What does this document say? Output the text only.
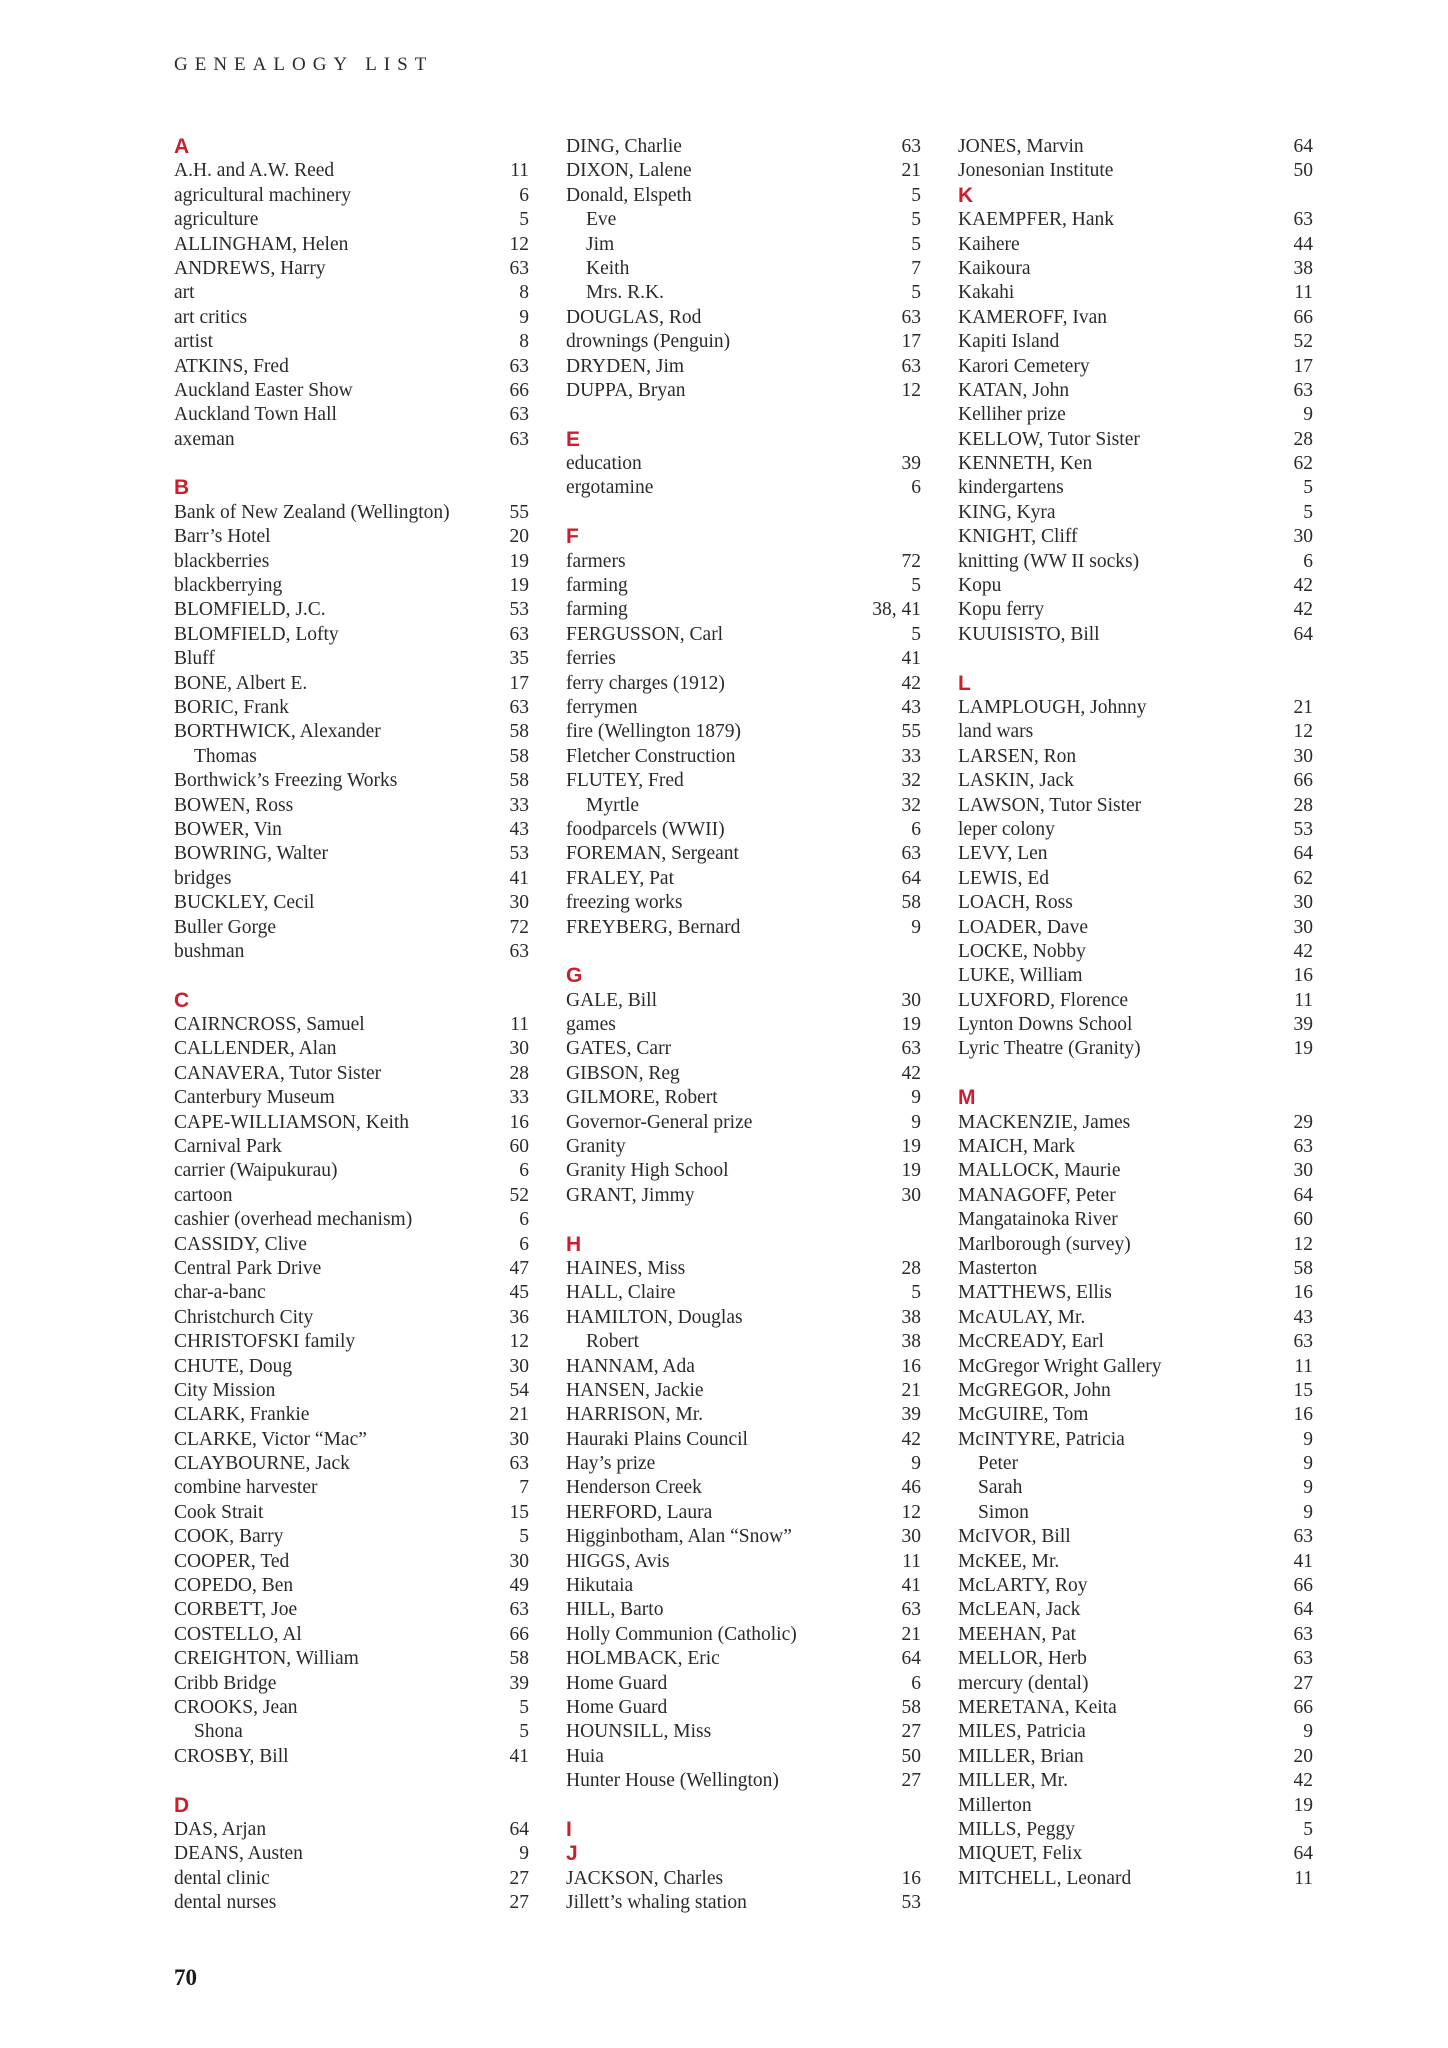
GENEALOGY LIST
A
A.H. and A.W. Reed	11
agricultural machinery	6
agriculture	5
ALLINGHAM, Helen	12
ANDREWS, Harry	63
art	8
art critics	9
artist	8
ATKINS, Fred	63
Auckland Easter Show	66
Auckland Town Hall	63
axeman	63
B
Bank of New Zealand (Wellington)	55
Barr’s Hotel	20
blackberries	19
blackberrying	19
BLOMFIELD, J.C.	53
BLOMFIELD, Lofty	63
Bluff	35
BONE, Albert E.	17
BORIC, Frank	63
BORTHWICK, Alexander	58
Thomas	58
Borthwick’s Freezing Works	58
BOWEN, Ross	33
BOWER, Vin	43
BOWRING, Walter	53
bridges	41
BUCKLEY, Cecil	30
Buller Gorge	72
bushman	63
C
CAIRNCROSS, Samuel	11
CALLENDER, Alan	30
CANAVERA, Tutor Sister	28
Canterbury Museum	33
CAPE-WILLIAMSON, Keith	16
Carnival Park	60
carrier (Waipukurau)	6
cartoon	52
cashier (overhead mechanism)	6
CASSIDY, Clive	6
Central Park Drive	47
char-a-banc	45
Christchurch City	36
CHRISTOFSKI family	12
CHUTE, Doug	30
City Mission	54
CLARK, Frankie	21
CLARKE, Victor “Mac”	30
CLAYBOURNE, Jack	63
combine harvester	7
Cook Strait	15
COOK, Barry	5
COOPER, Ted	30
COPEDO, Ben	49
CORBETT, Joe	63
COSTELLO, Al	66
CREIGHTON, William	58
Cribb Bridge	39
CROOKS, Jean	5
Shona	5
CROSBY, Bill	41
D
DAS, Arjan	64
DEANS, Austen	9
dental clinic	27
dental nurses	27
DING, Charlie	63
DIXON, Lalene	21
Donald, Elspeth	5
Eve	5
Jim	5
Keith	7
Mrs. R.K.	5
DOUGLAS, Rod	63
drownings (Penguin)	17
DRYDEN, Jim	63
DUPPA, Bryan	12
E
education	39
ergotamine	6
F
farmers	72
farming	5
farming	38, 41
FERGUSSON, Carl	5
ferries	41
ferry charges (1912)	42
ferrymen	43
fire (Wellington 1879)	55
Fletcher Construction	33
FLUTEY, Fred	32
Myrtle	32
foodparcels (WWII)	6
FOREMAN, Sergeant	63
FRALEY, Pat	64
freezing works	58
FREYBERG, Bernard	9
G
GALE, Bill	30
games	19
GATES, Carr	63
GIBSON, Reg	42
GILMORE, Robert	9
Governor-General prize	9
Granity	19
Granity High School	19
GRANT, Jimmy	30
H
HAINES, Miss	28
HALL, Claire	5
HAMILTON, Douglas	38
Robert	38
HANNAM, Ada	16
HANSEN, Jackie	21
HARRISON, Mr.	39
Hauraki Plains Council	42
Hay’s prize	9
Henderson Creek	46
HERFORD, Laura	12
Higginbotham, Alan “Snow”	30
HIGGS, Avis	11
Hikutaia	41
HILL, Barto	63
Holly Communion (Catholic)	21
HOLMBACK, Eric	64
Home Guard	6
Home Guard	58
HOUNSILL, Miss	27
Huia	50
Hunter House (Wellington)	27
I
J
JACKSON, Charles	16
Jillett’s whaling station	53
JONES, Marvin	64
Jonesonian Institute	50
K
KAEMPFER, Hank	63
Kaihere	44
Kaikoura	38
Kakahi	11
KAMEROFF, Ivan	66
Kapiti Island	52
Karori Cemetery	17
KATAN, John	63
Kelliher prize	9
KELLOW, Tutor Sister	28
KENNETH, Ken	62
kindergartens	5
KING, Kyra	5
KNIGHT, Cliff	30
knitting (WW II socks)	6
Kopu	42
Kopu ferry	42
KUUISISTO, Bill	64
L
LAMPLOUGH, Johnny	21
land wars	12
LARSEN, Ron	30
LASKIN, Jack	66
LAWSON, Tutor Sister	28
leper colony	53
LEVY, Len	64
LEWIS, Ed	62
LOACH, Ross	30
LOADER, Dave	30
LOCKE, Nobby	42
LUKE, William	16
LUXFORD, Florence	11
Lynton Downs School	39
Lyric Theatre (Granity)	19
M
MACKENZIE, James	29
MAICH, Mark	63
MALLOCK, Maurie	30
MANAGOFF, Peter	64
Mangatainoka River	60
Marlborough (survey)	12
Masterton	58
MATTHEWS, Ellis	16
McAULAY, Mr.	43
McCREADY, Earl	63
McGregor Wright Gallery	11
McGREGOR, John	15
McGUIRE, Tom	16
McINTYRE, Patricia	9
Peter	9
Sarah	9
Simon	9
McIVOR, Bill	63
McKEE, Mr.	41
McLARTY, Roy	66
McLEAN, Jack	64
MEEHAN, Pat	63
MELLOR, Herb	63
mercury (dental)	27
MERETANA, Keita	66
MILES, Patricia	9
MILLER, Brian	20
MILLER, Mr.	42
Millerton	19
MILLS, Peggy	5
MIQUET, Felix	64
MITCHELL, Leonard	11
70
